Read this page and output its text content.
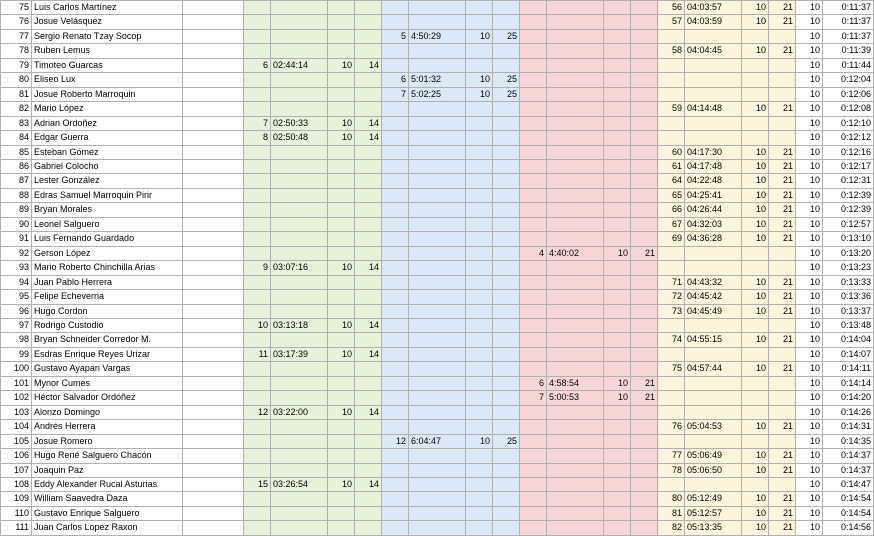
75	Luis Carlos Martínez														56	04:03:57	10	21	10	0:11:37
76	Josue Velásquez														57	04:03:59	10	21	10	0:11:37
77	Sergio Renato Tzay Socop						5	4:50:29	10	25									10	0:11:37
78	Ruben Lemus														58	04:04:45	10	21	10	0:11:39
79	Timoteo Guarcas		6	02:44:14	10	14													10	0:11:44
80	Eliseo Lux						6	5:01:32	10	25									10	0:12:04
81	Josue Roberto Marroquin						7	5:02:25	10	25									10	0:12:06
82	Mario López														59	04:14:48	10	21	10	0:12:08
83	Adrian Ordoñez		7	02:50:33	10	14													10	0:12:10
84	Edgar Guerra		8	02:50:48	10	14													10	0:12:12
85	Esteban Gómez														60	04:17:30	10	21	10	0:12:16
86	Gabriel Colocho														61	04:17:48	10	21	10	0:12:17
87	Lester González														64	04:22:48	10	21	10	0:12:31
88	Edras Samuel Marroquin Pirir														65	04:25:41	10	21	10	0:12:39
89	Bryan Morales														66	04:26:44	10	21	10	0:12:39
90	Leonel Salguero														67	04:32:03	10	21	10	0:12:57
91	Luis Fernando Guardado														69	04:36:28	10	21	10	0:13:10
92	Gerson López										4	4:40:02	10	21					10	0:13:20
93	Mario Roberto Chinchilla Arias		9	03:07:16	10	14													10	0:13:23
94	Juan Pablo Herrera														71	04:43:32	10	21	10	0:13:33
95	Felipe Echeverria														72	04:45:42	10	21	10	0:13:36
96	Hugo Cordon														73	04:45:49	10	21	10	0:13:37
97	Rodrigo Custodio		10	03:13:18	10	14													10	0:13:48
98	Bryan Schneider Corredor M.														74	04:55:15	10	21	10	0:14:04
99	Esdras Enrique Reyes Urizar		11	03:17:39	10	14													10	0:14:07
100	Gustavo Ayapan Vargas														75	04:57:44	10	21	10	0:14:11
101	Mynor Cumes										6	4:58:54	10	21					10	0:14:14
102	Héctor Salvador Ordóñez										7	5:00:53	10	21					10	0:14:20
103	Alonzo Domingo		12	03:22:00	10	14													10	0:14:26
104	Andrés Herrera														76	05:04:53	10	21	10	0:14:31
105	Josue Romero						12	6:04:47	10	25									10	0:14:35
106	Hugo René Salguero Chacón														77	05:06:49	10	21	10	0:14:37
107	Joaquin Paz														78	05:06:50	10	21	10	0:14:37
108	Eddy Alexander Rucal Asturias		15	03:26:54	10	14													10	0:14:47
109	William Saavedra Daza														80	05:12:49	10	21	10	0:14:54
110	Gustavo Enrique Salguero														81	05:12:57	10	21	10	0:14:54
111	Juan Carlos Lopez Raxon														82	05:13:35	10	21	10	0:14:56
